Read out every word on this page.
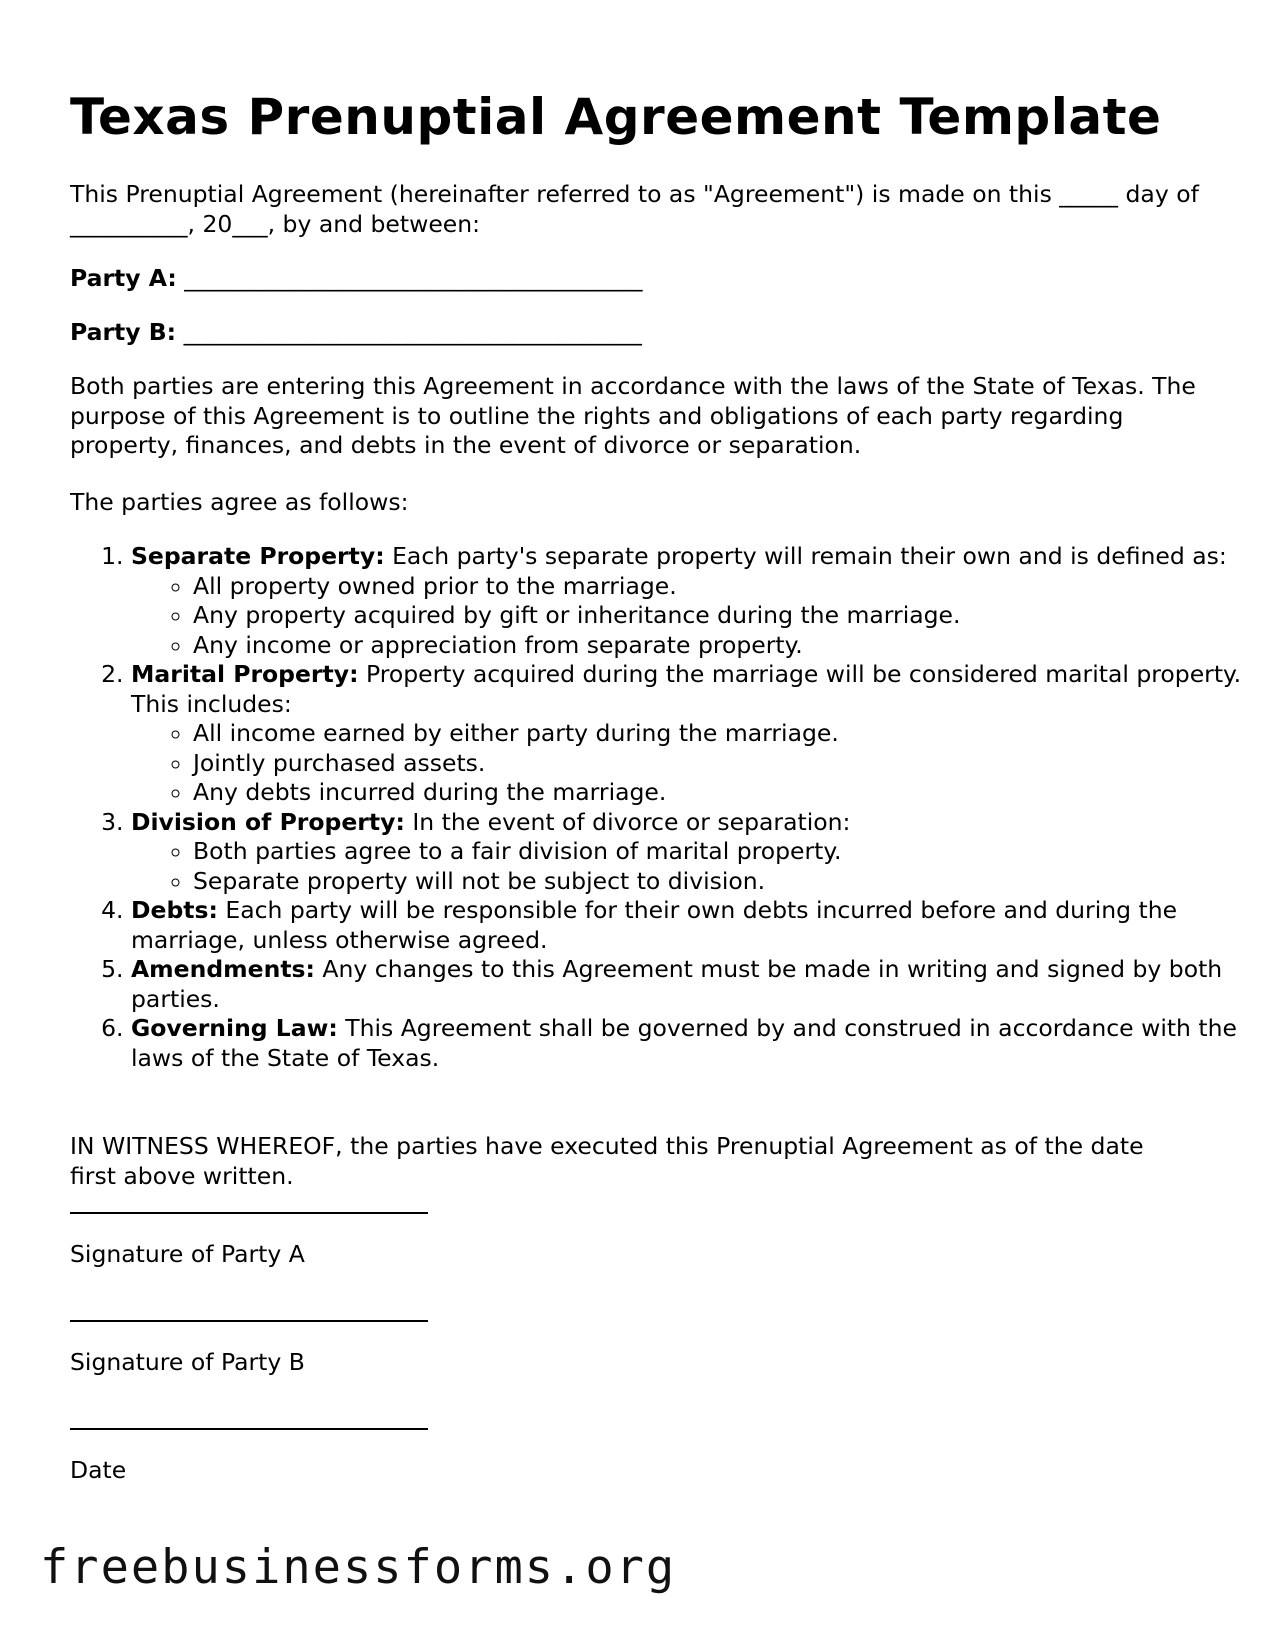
Texas Prenuptial Agreement Template

This Prenuptial Agreement (hereinafter referred to as "Agreement") is made on this _____ day of __________, 20___, by and between:

Party A: _______________________________________

Party B: _______________________________________

Both parties are entering this Agreement in accordance with the laws of the State of Texas. The purpose of this Agreement is to outline the rights and obligations of each party regarding property, finances, and debts in the event of divorce or separation.

The parties agree as follows:

1. Separate Property: Each party's separate property will remain their own and is defined as:
◦ All property owned prior to the marriage.
◦ Any property acquired by gift or inheritance during the marriage.
◦ Any income or appreciation from separate property.
2. Marital Property: Property acquired during the marriage will be considered marital property. This includes:
◦ All income earned by either party during the marriage.
◦ Jointly purchased assets.
◦ Any debts incurred during the marriage.
3. Division of Property: In the event of divorce or separation:
◦ Both parties agree to a fair division of marital property.
◦ Separate property will not be subject to division.
4. Debts: Each party will be responsible for their own debts incurred before and during the marriage, unless otherwise agreed.
5. Amendments: Any changes to this Agreement must be made in writing and signed by both parties.
6. Governing Law: This Agreement shall be governed by and construed in accordance with the laws of the State of Texas.

IN WITNESS WHEREOF, the parties have executed this Prenuptial Agreement as of the date first above written.

Signature of Party A

Signature of Party B

Date

freebusinessforms.org
